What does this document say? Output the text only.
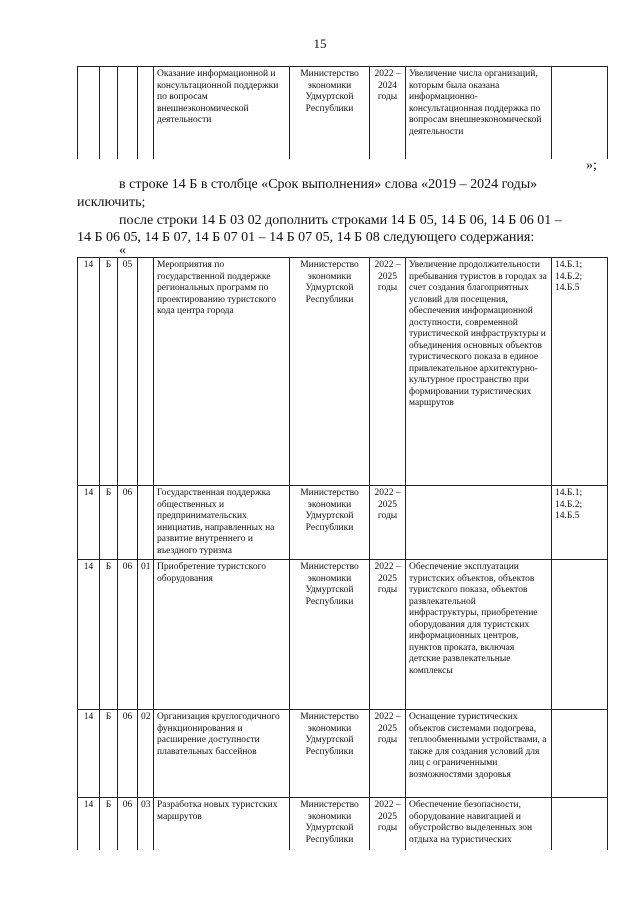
15
				Оказание информационной и консультационной поддержки по вопросам внешнеэкономической деятельности	Министерство экономики Удмуртской Республики	2022 – 2024 годы	Увеличение числа организаций, которым была оказана информационно-консультационная поддержка по вопросам внешнеэкономической деятельности	
»;
в строке 14 Б в столбце «Срок выполнения» слова «2019 – 2024 годы»
исключить;
после строки 14 Б 03 02 дополнить строками 14 Б 05, 14 Б 06, 14 Б 06 01 –
14 Б 06 05, 14 Б 07, 14 Б 07 01 – 14 Б 07 05, 14 Б 08 следующего содержания:
«
14	Б	05		Мероприятия по государственной поддержке региональных программ по проектированию туристского кода центра города	Министерство экономики Удмуртской Республики	2022 – 2025 годы	Увеличение продолжительности пребывания туристов в городах за счет создания благоприятных условий для посещения, обеспечения информационной доступности, современной туристической инфраструктуры и объединения основных объектов туристического показа в единое привлекательное архитектурно-культурное пространство при формировании туристических маршрутов	14.Б.1; 14.Б.2; 14.Б.5
14	Б	06		Государственная поддержка общественных и предпринимательских инициатив, направленных на развитие внутреннего и въездного туризма	Министерство экономики Удмуртской Республики	2022 – 2025 годы		14.Б.1; 14.Б.2; 14.Б.5
14	Б	06	01	Приобретение туристского оборудования	Министерство экономики Удмуртской Республики	2022 – 2025 годы	Обеспечение эксплуатации туристских объектов, объектов туристского показа, объектов развлекательной инфраструктуры, приобретение оборудования для туристских информационных центров, пунктов проката, включая детские развлекательные комплексы	
14	Б	06	02	Организация круглогодичного функционирования и расширение доступности плавательных бассейнов	Министерство экономики Удмуртской Республики	2022 – 2025 годы	Оснащение туристических объектов системами подогрева, теплообменными устройствами, а также для создания условий для лиц с ограниченными возможностями здоровья	
14	Б	06	03	Разработка новых туристских маршрутов	Министерство экономики Удмуртской Республики	2022 – 2025 годы	Обеспечение безопасности, оборудование навигацией и обустройство выделенных зон отдыха на туристических	
